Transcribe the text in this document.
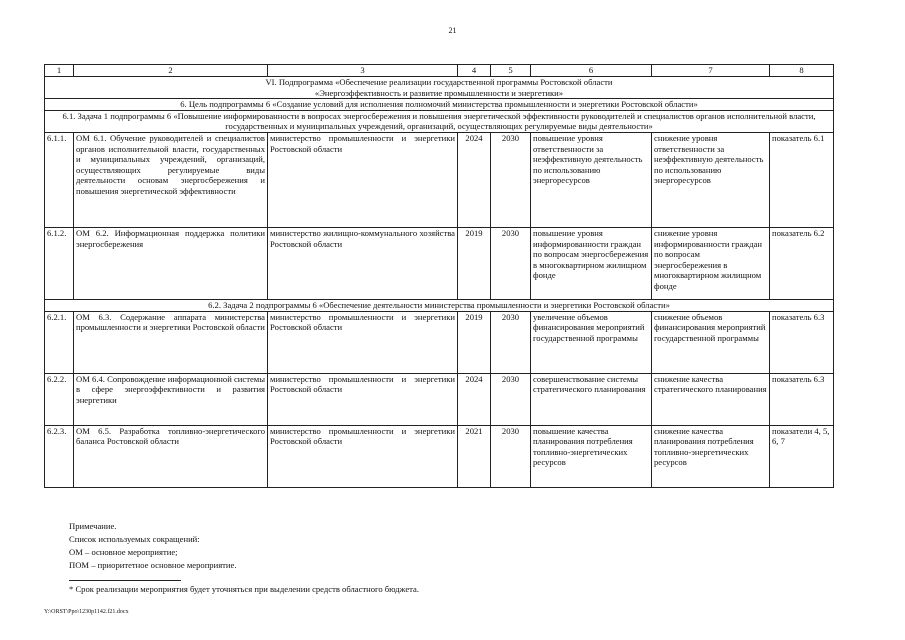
21
1	2	3	4	5	6	7	8
VI. Подпрограмма «Обеспечение реализации государственной программы Ростовской области «Энергоэффективность и развитие промышленности и энергетики»							
6. Цель подпрограммы 6 «Создание условий для исполнения полномочий министерства промышленности и энергетики Ростовской области»							
6.1. Задача 1 подпрограммы 6 «Повышение информированности в вопросах энергосбережения и повышения энергетической эффективности руководителей и специалистов органов исполнительной власти, государственных и муниципальных учреждений, организаций, осуществляющих регулируемые виды деятельности»							
6.1.1.	ОМ 6.1. Обучение руководителей и специалистов органов исполнительной власти, государственных и муниципальных учреждений, организаций, осуществляющих регулируемые виды деятельности основам энергосбережения и повышения энергетической эффективности	министерство промышленности и энергетики Ростовской области	2024	2030	повышение уровня ответственности за неэффективную деятельность по использованию энергоресурсов	снижение уровня ответственности за неэффективную деятельность по использованию энергоресурсов	показатель 6.1
6.1.2.	ОМ 6.2. Информационная поддержка политики энергосбережения	министерство жилищно-коммунального хозяйства Ростовской области	2019	2030	повышение уровня информированности граждан по вопросам энергосбережения в многоквартирном жилищном фонде	снижение уровня информированности граждан по вопросам энергосбережения в многоквартирном жилищном фонде	показатель 6.2
6.2. Задача 2 подпрограммы 6 «Обеспечение деятельности министерства промышленности и энергетики Ростовской области»							
6.2.1.	ОМ 6.3. Содержание аппарата министерства промышленности и энергетики Ростовской области	министерство промышленности и энергетики Ростовской области	2019	2030	увеличение объемов финансирования мероприятий государственной программы	снижение объемов финансирования мероприятий государственной программы	показатель 6.3
6.2.2.	ОМ 6.4. Сопровождение информационной системы в сфере энергоэффективности и развития энергетики	министерство промышленности и энергетики Ростовской области	2024	2030	совершенствование системы стратегического планирования	снижение качества стратегического планирования	показатель 6.3
6.2.3.	ОМ 6.5. Разработка топливно-энергетического баланса Ростовской области	министерство промышленности и энергетики Ростовской области	2021	2030	повышение качества планирования потребления топливно-энергетических ресурсов	снижение качества планирования потребления топливно-энергетических ресурсов	показатели 4, 5, 6, 7
Примечание.
Список используемых сокращений:
ОМ – основное мероприятие;
ПОМ – приоритетное основное мероприятие.
* Срок реализации мероприятия будет уточняться при выделении средств областного бюджета.
Y:\ORST\Ppo\1230p1142.f21.docx
